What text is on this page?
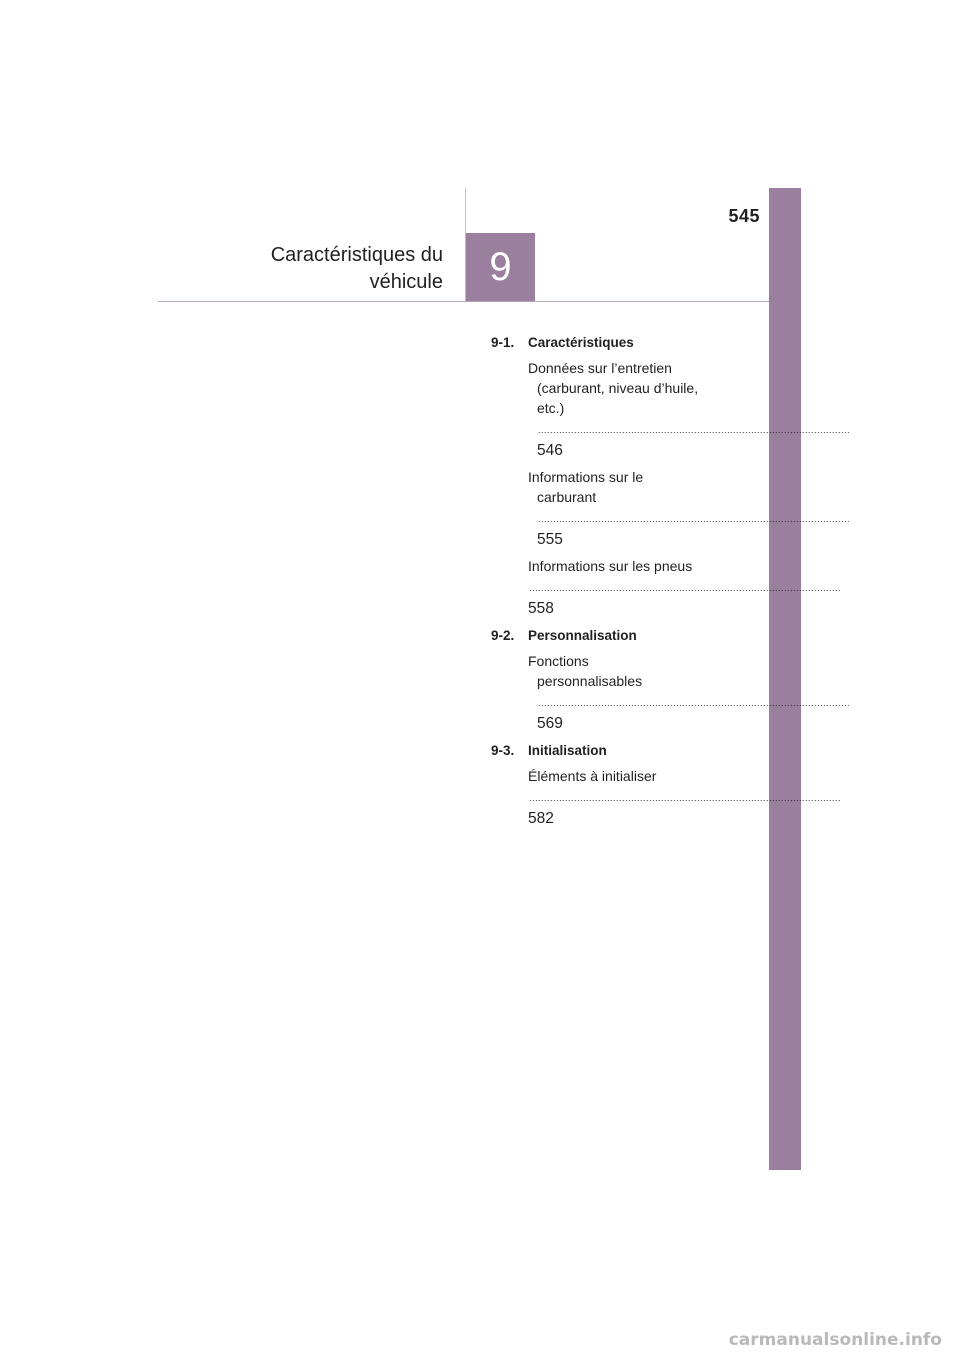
545
Caractéristiques du
véhicule	9
9-1.	Caractéristiques
Données sur l’entretien
(carburant, niveau d’huile,
etc.) ..... 546
Informations sur le
carburant ..... 555
Informations sur les pneus ..... 558
9-2.	Personnalisation
Fonctions
personnalisables ..... 569
9-3.	Initialisation
Éléments à initialiser ..... 582
carmanualsonline.info
